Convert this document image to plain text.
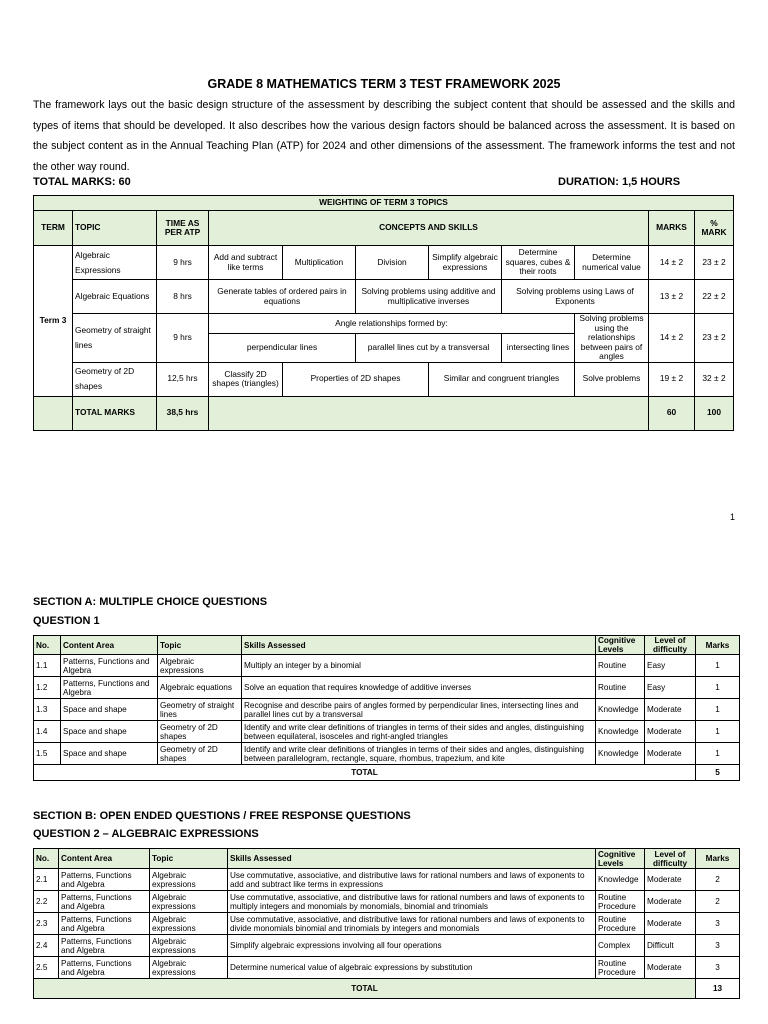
GRADE 8 MATHEMATICS TERM 3 TEST FRAMEWORK 2025
The framework lays out the basic design structure of the assessment by describing the subject content that should be assessed and the skills and types of items that should be developed. It also describes how the various design factors should be balanced across the assessment. It is based on the subject content as in the Annual Teaching Plan (ATP) for 2024 and other dimensions of the assessment. The framework informs the test and not the other way round.
TOTAL MARKS: 60	DURATION: 1,5 HOURS
WEIGHTING OF TERM 3 TOPICS										
TERM	TOPIC	TIME AS PER ATP	CONCEPTS AND SKILLS						MARKS	% MARK
Term 3	Algebraic Expressions	9 hrs	Add and subtract like terms	Multiplication	Division	Simplify algebraic expressions	Determine squares, cubes & their roots	Determine numerical value	14 ± 2	23 ± 2
	Algebraic Equations	8 hrs	Generate tables of ordered pairs in equations		Solving problems using additive and multiplicative inverses		Solving problems using Laws of Exponents		13 ± 2	22 ± 2
	Geometry of straight lines	9 hrs	Angle relationships formed by:					Solving problems using the relationships between pairs of angles	14 ± 2	23 ± 2
			perpendicular lines		parallel lines cut by a transversal		intersecting lines			
	Geometry of 2D shapes	12,5 hrs	Classify 2D shapes (triangles)	Properties of 2D shapes		Similar and congruent triangles		Solve problems	19 ± 2	32 ± 2
	TOTAL MARKS	38,5 hrs							60	100
1
SECTION A: MULTIPLE CHOICE QUESTIONS
QUESTION 1
No.	Content Area	Topic	Skills Assessed	Cognitive Levels	Level of difficulty	Marks
1.1	Patterns, Functions and Algebra	Algebraic expressions	Multiply an integer by a binomial	Routine	Easy	1
1.2	Patterns, Functions and Algebra	Algebraic equations	Solve an equation that requires knowledge of additive inverses	Routine	Easy	1
1.3	Space and shape	Geometry of straight lines	Recognise and describe pairs of angles formed by perpendicular lines, intersecting lines and parallel lines cut by a transversal	Knowledge	Moderate	1
1.4	Space and shape	Geometry of 2D shapes	Identify and write clear definitions of triangles in terms of their sides and angles, distinguishing between equilateral, isosceles and right-angled triangles	Knowledge	Moderate	1
1.5	Space and shape	Geometry of 2D shapes	Identify and write clear definitions of triangles in terms of their sides and angles, distinguishing between parallelogram, rectangle, square, rhombus, trapezium, and kite	Knowledge	Moderate	1
TOTAL						5
SECTION B: OPEN ENDED QUESTIONS / FREE RESPONSE QUESTIONS
QUESTION 2 – ALGEBRAIC EXPRESSIONS
No.	Content Area	Topic	Skills Assessed	Cognitive Levels	Level of difficulty	Marks
2.1	Patterns, Functions and Algebra	Algebraic expressions	Use commutative, associative, and distributive laws for rational numbers and laws of exponents to add and subtract like terms in expressions	Knowledge	Moderate	2
2.2	Patterns, Functions and Algebra	Algebraic expressions	Use commutative, associative, and distributive laws for rational numbers and laws of exponents to multiply integers and monomials by monomials, binomial and trinomials	Routine Procedure	Moderate	2
2.3	Patterns, Functions and Algebra	Algebraic expressions	Use commutative, associative, and distributive laws for rational numbers and laws of exponents to divide monomials binomial and trinomials by integers and monomials	Routine Procedure	Moderate	3
2.4	Patterns, Functions and Algebra	Algebraic expressions	Simplify algebraic expressions involving all four operations	Complex	Difficult	3
2.5	Patterns, Functions and Algebra	Algebraic expressions	Determine numerical value of algebraic expressions by substitution	Routine Procedure	Moderate	3
TOTAL						13
